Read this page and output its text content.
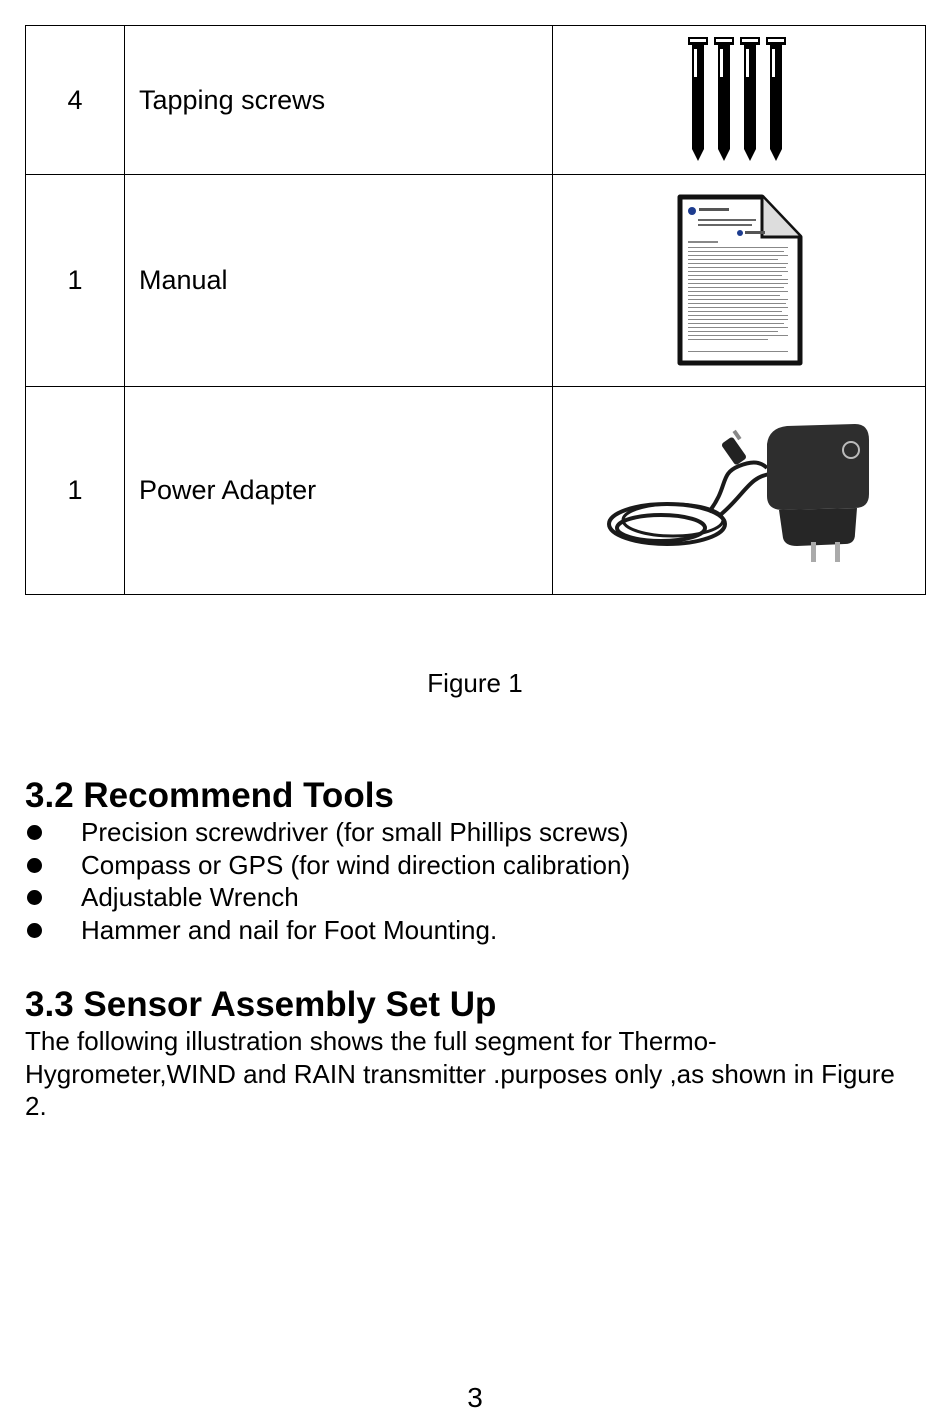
4	Tapping screws	
1	Manual	
1	Power Adapter	
Figure 1
3.2 Recommend Tools
Precision screwdriver (for small Phillips screws)
Compass or GPS (for wind direction calibration)
Adjustable Wrench
Hammer and nail for Foot Mounting.
3.3 Sensor Assembly Set Up

The following illustration shows the full segment for Thermo-Hygrometer,WIND and RAIN transmitter .purposes only ,as shown in Figure 2.

3
